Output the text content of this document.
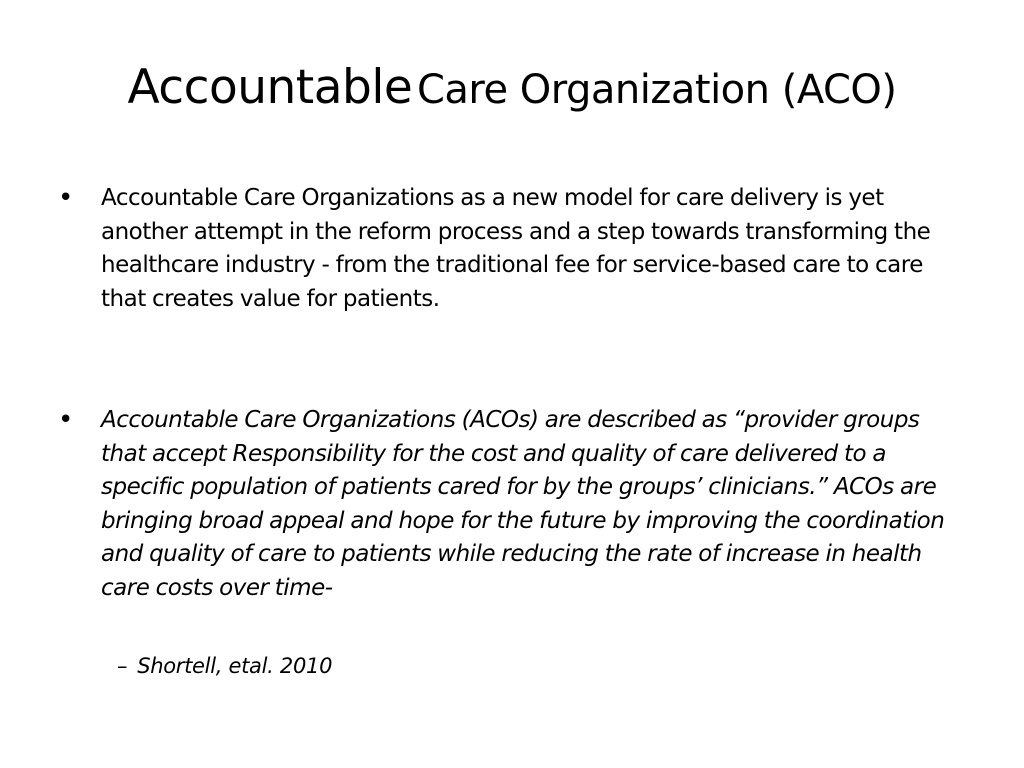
Accountable Care Organization (ACO)
• Accountable Care Organizations as a new model for care delivery is yet another attempt in the reform process and a step towards transforming the healthcare industry - from the traditional fee for service-based care to care that creates value for patients.
• Accountable Care Organizations (ACOs) are described as “provider groups that accept Responsibility for the cost and quality of care delivered to a specific population of patients cared for by the groups’ clinicians.” ACOs are bringing broad appeal and hope for the future by improving the coordination and quality of care to patients while reducing the rate of increase in health care costs over time-
– Shortell, etal. 2010
